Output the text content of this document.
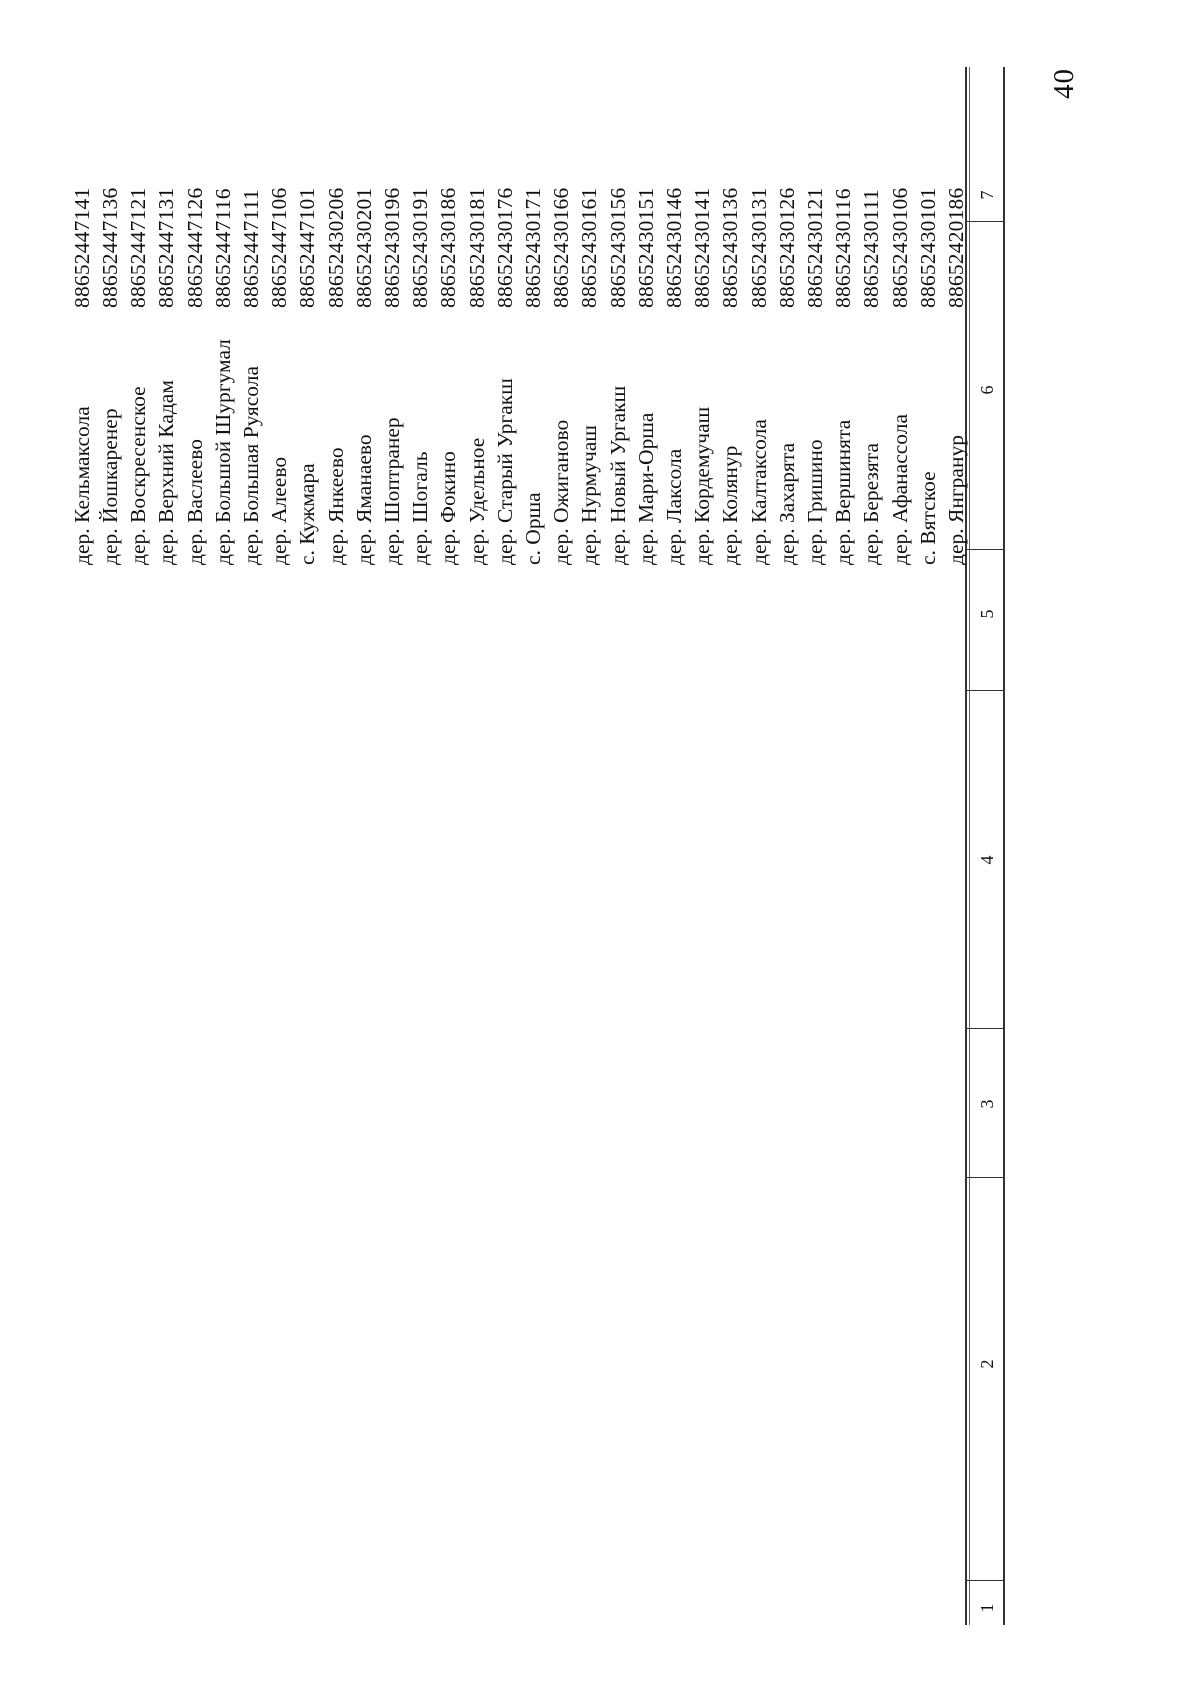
40
1
2
3
4
5
6
7
дер. Янгранур
88652420186
с. Вятское
88652430101
дер. Афанассола
88652430106
дер. Березята
88652430111
дер. Вершинята
88652430116
дер. Гришино
88652430121
дер. Захарята
88652430126
дер. Калтаксола
88652430131
дер. Колянур
88652430136
дер. Кордемучаш
88652430141
дер. Лаксола
88652430146
дер. Мари-Орша
88652430151
дер. Новый Ургакш
88652430156
дер. Нурмучаш
88652430161
дер. Ожиганово
88652430166
с. Орша
88652430171
дер. Старый Ургакш
88652430176
дер. Удельное
88652430181
дер. Фокино
88652430186
дер. Шогаль
88652430191
дер. Шоптранер
88652430196
дер. Яманаево
88652430201
дер. Янкеево
88652430206
с. Кужмара
88652447101
дер. Алеево
88652447106
дер. Большая Руясола
88652447111
дер. Большой Шургумал
88652447116
дер. Васлеево
88652447126
дер. Верхний Кадам
88652447131
дер. Воскресенское
88652447121
дер. Йошкаренер
88652447136
дер. Кельмаксола
88652447141
